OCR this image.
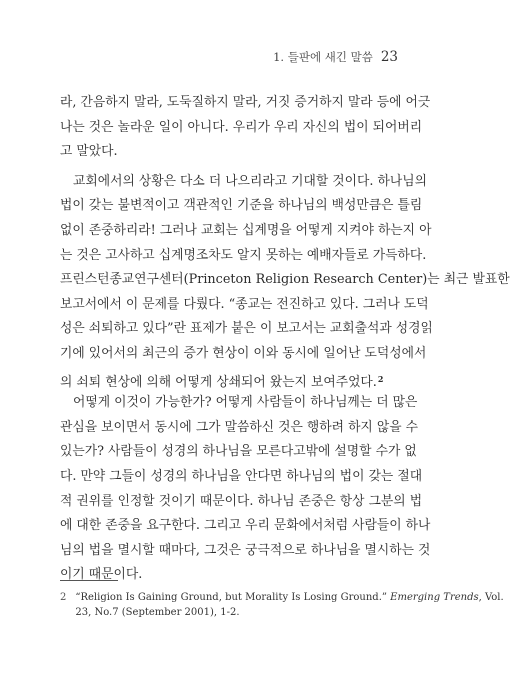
1. 들판에 새긴 말씀 23
라, 간음하지 말라, 도둑질하지 말라, 거짓 증거하지 말라 등에 어긋
나는 것은 놀라운 일이 아니다. 우리가 우리 자신의 법이 되어버리
고 말았다.
교회에서의 상황은 다소 더 나으리라고 기대할 것이다. 하나님의
법이 갖는 불변적이고 객관적인 기준을 하나님의 백성만큼은 틀림
없이 존중하리라! 그러나 교회는 십계명을 어떻게 지켜야 하는지 아
는 것은 고사하고 십계명조차도 알지 못하는 예배자들로 가득하다.
프린스턴종교연구센터(Princeton Religion Research Center)는 최근 발표한
보고서에서 이 문제를 다뤘다. “종교는 전진하고 있다. 그러나 도덕
성은 쇠퇴하고 있다”란 표제가 붙은 이 보고서는 교회출석과 성경읽
기에 있어서의 최근의 증가 현상이 이와 동시에 일어난 도덕성에서
의 쇠퇴 현상에 의해 어떻게 상쇄되어 왔는지 보여주었다.$^2$
어떻게 이것이 가능한가? 어떻게 사람들이 하나님께는 더 많은
관심을 보이면서 동시에 그가 말씀하신 것은 행하려 하지 않을 수
있는가? 사람들이 성경의 하나님을 모른다고밖에 설명할 수가 없
다. 만약 그들이 성경의 하나님을 안다면 하나님의 법이 갖는 절대
적 권위를 인정할 것이기 때문이다. 하나님 존중은 항상 그분의 법
에 대한 존중을 요구한다. 그리고 우리 문화에서처럼 사람들이 하나
님의 법을 멸시할 때마다, 그것은 궁극적으로 하나님을 멸시하는 것
이기 때문이다.
2 “Religion Is Gaining Ground, but Morality Is Losing Ground.” Emerging Trends, Vol.
23, No.7 (September 2001), 1-2.
